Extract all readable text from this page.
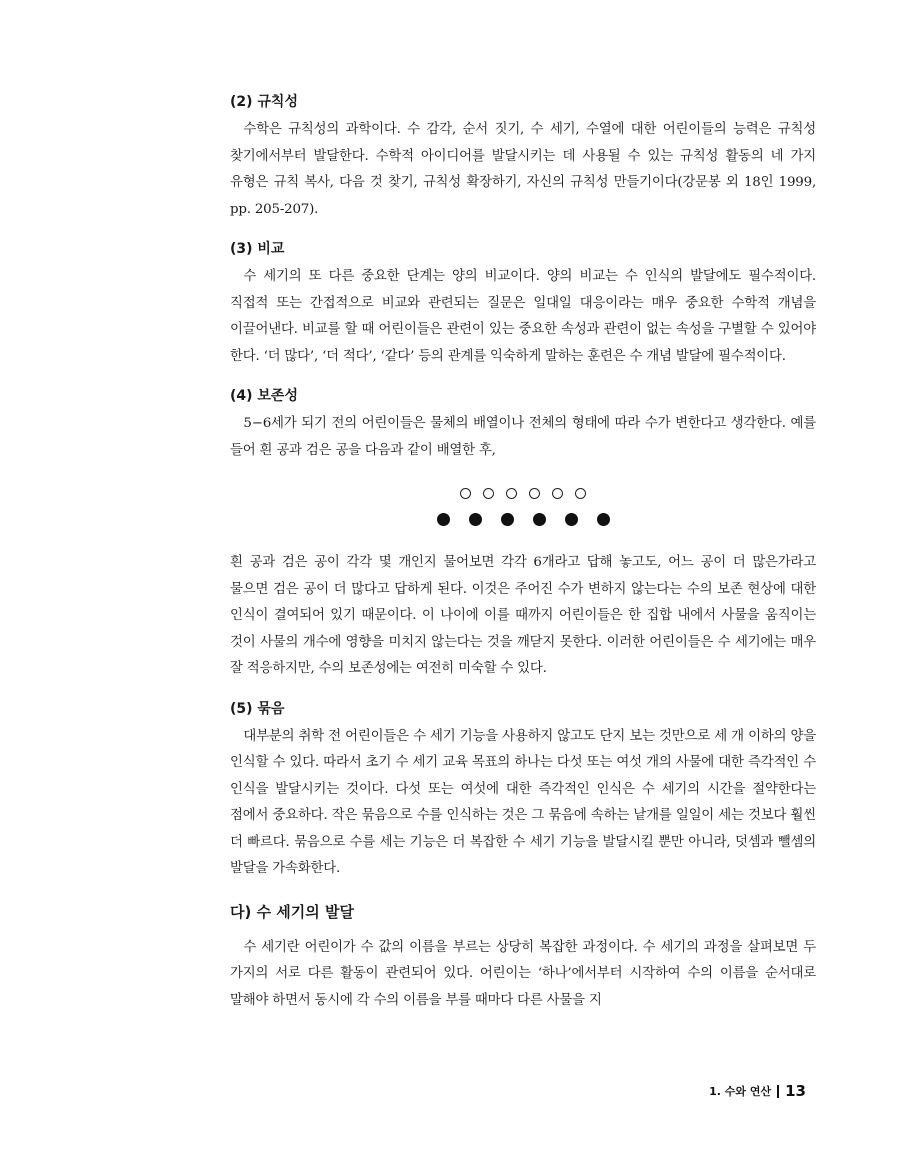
(2) 규칙성

수학은 규칙성의 과학이다. 수 감각, 순서 짓기, 수 세기, 수열에 대한 어린이들의 능력은 규칙성 찾기에서부터 발달한다. 수학적 아이디어를 발달시키는 데 사용될 수 있는 규칙성 활동의 네 가지 유형은 규칙 복사, 다음 것 찾기, 규칙성 확장하기, 자신의 규칙성 만들기이다(강문봉 외 18인 1999, pp. 205-207).

(3) 비교

수 세기의 또 다른 중요한 단계는 양의 비교이다. 양의 비교는 수 인식의 발달에도 필수적이다. 직접적 또는 간접적으로 비교와 관련되는 질문은 일대일 대응이라는 매우 중요한 수학적 개념을 이끌어낸다. 비교를 할 때 어린이들은 관련이 있는 중요한 속성과 관련이 없는 속성을 구별할 수 있어야 한다. ‘더 많다’, ‘더 적다’, ‘같다’ 등의 관계를 익숙하게 말하는 훈련은 수 개념 발달에 필수적이다.

(4) 보존성

5−6세가 되기 전의 어린이들은 물체의 배열이나 전체의 형태에 따라 수가 변한다고 생각한다. 예를 들어 흰 공과 검은 공을 다음과 같이 배열한 후,

흰 공과 검은 공이 각각 몇 개인지 물어보면 각각 6개라고 답해 놓고도, 어느 공이 더 많은가라고 물으면 검은 공이 더 많다고 답하게 된다. 이것은 주어진 수가 변하지 않는다는 수의 보존 현상에 대한 인식이 결여되어 있기 때문이다. 이 나이에 이를 때까지 어린이들은 한 집합 내에서 사물을 움직이는 것이 사물의 개수에 영향을 미치지 않는다는 것을 깨닫지 못한다. 이러한 어린이들은 수 세기에는 매우 잘 적응하지만, 수의 보존성에는 여전히 미숙할 수 있다.

(5) 묶음

대부분의 취학 전 어린이들은 수 세기 기능을 사용하지 않고도 단지 보는 것만으로 세 개 이하의 양을 인식할 수 있다. 따라서 초기 수 세기 교육 목표의 하나는 다섯 또는 여섯 개의 사물에 대한 즉각적인 수 인식을 발달시키는 것이다. 다섯 또는 여섯에 대한 즉각적인 인식은 수 세기의 시간을 절약한다는 점에서 중요하다. 작은 묶음으로 수를 인식하는 것은 그 묶음에 속하는 낱개를 일일이 세는 것보다 훨씬 더 빠르다. 묶음으로 수를 세는 기능은 더 복잡한 수 세기 기능을 발달시킬 뿐만 아니라, 덧셈과 뺄셈의 발달을 가속화한다.

다) 수 세기의 발달

수 세기란 어린이가 수 값의 이름을 부르는 상당히 복잡한 과정이다. 수 세기의 과정을 살펴보면 두 가지의 서로 다른 활동이 관련되어 있다. 어린이는 ‘하나’에서부터 시작하여 수의 이름을 순서대로 말해야 하면서 동시에 각 수의 이름을 부를 때마다 다른 사물을 지

1. 수와 연산 13
